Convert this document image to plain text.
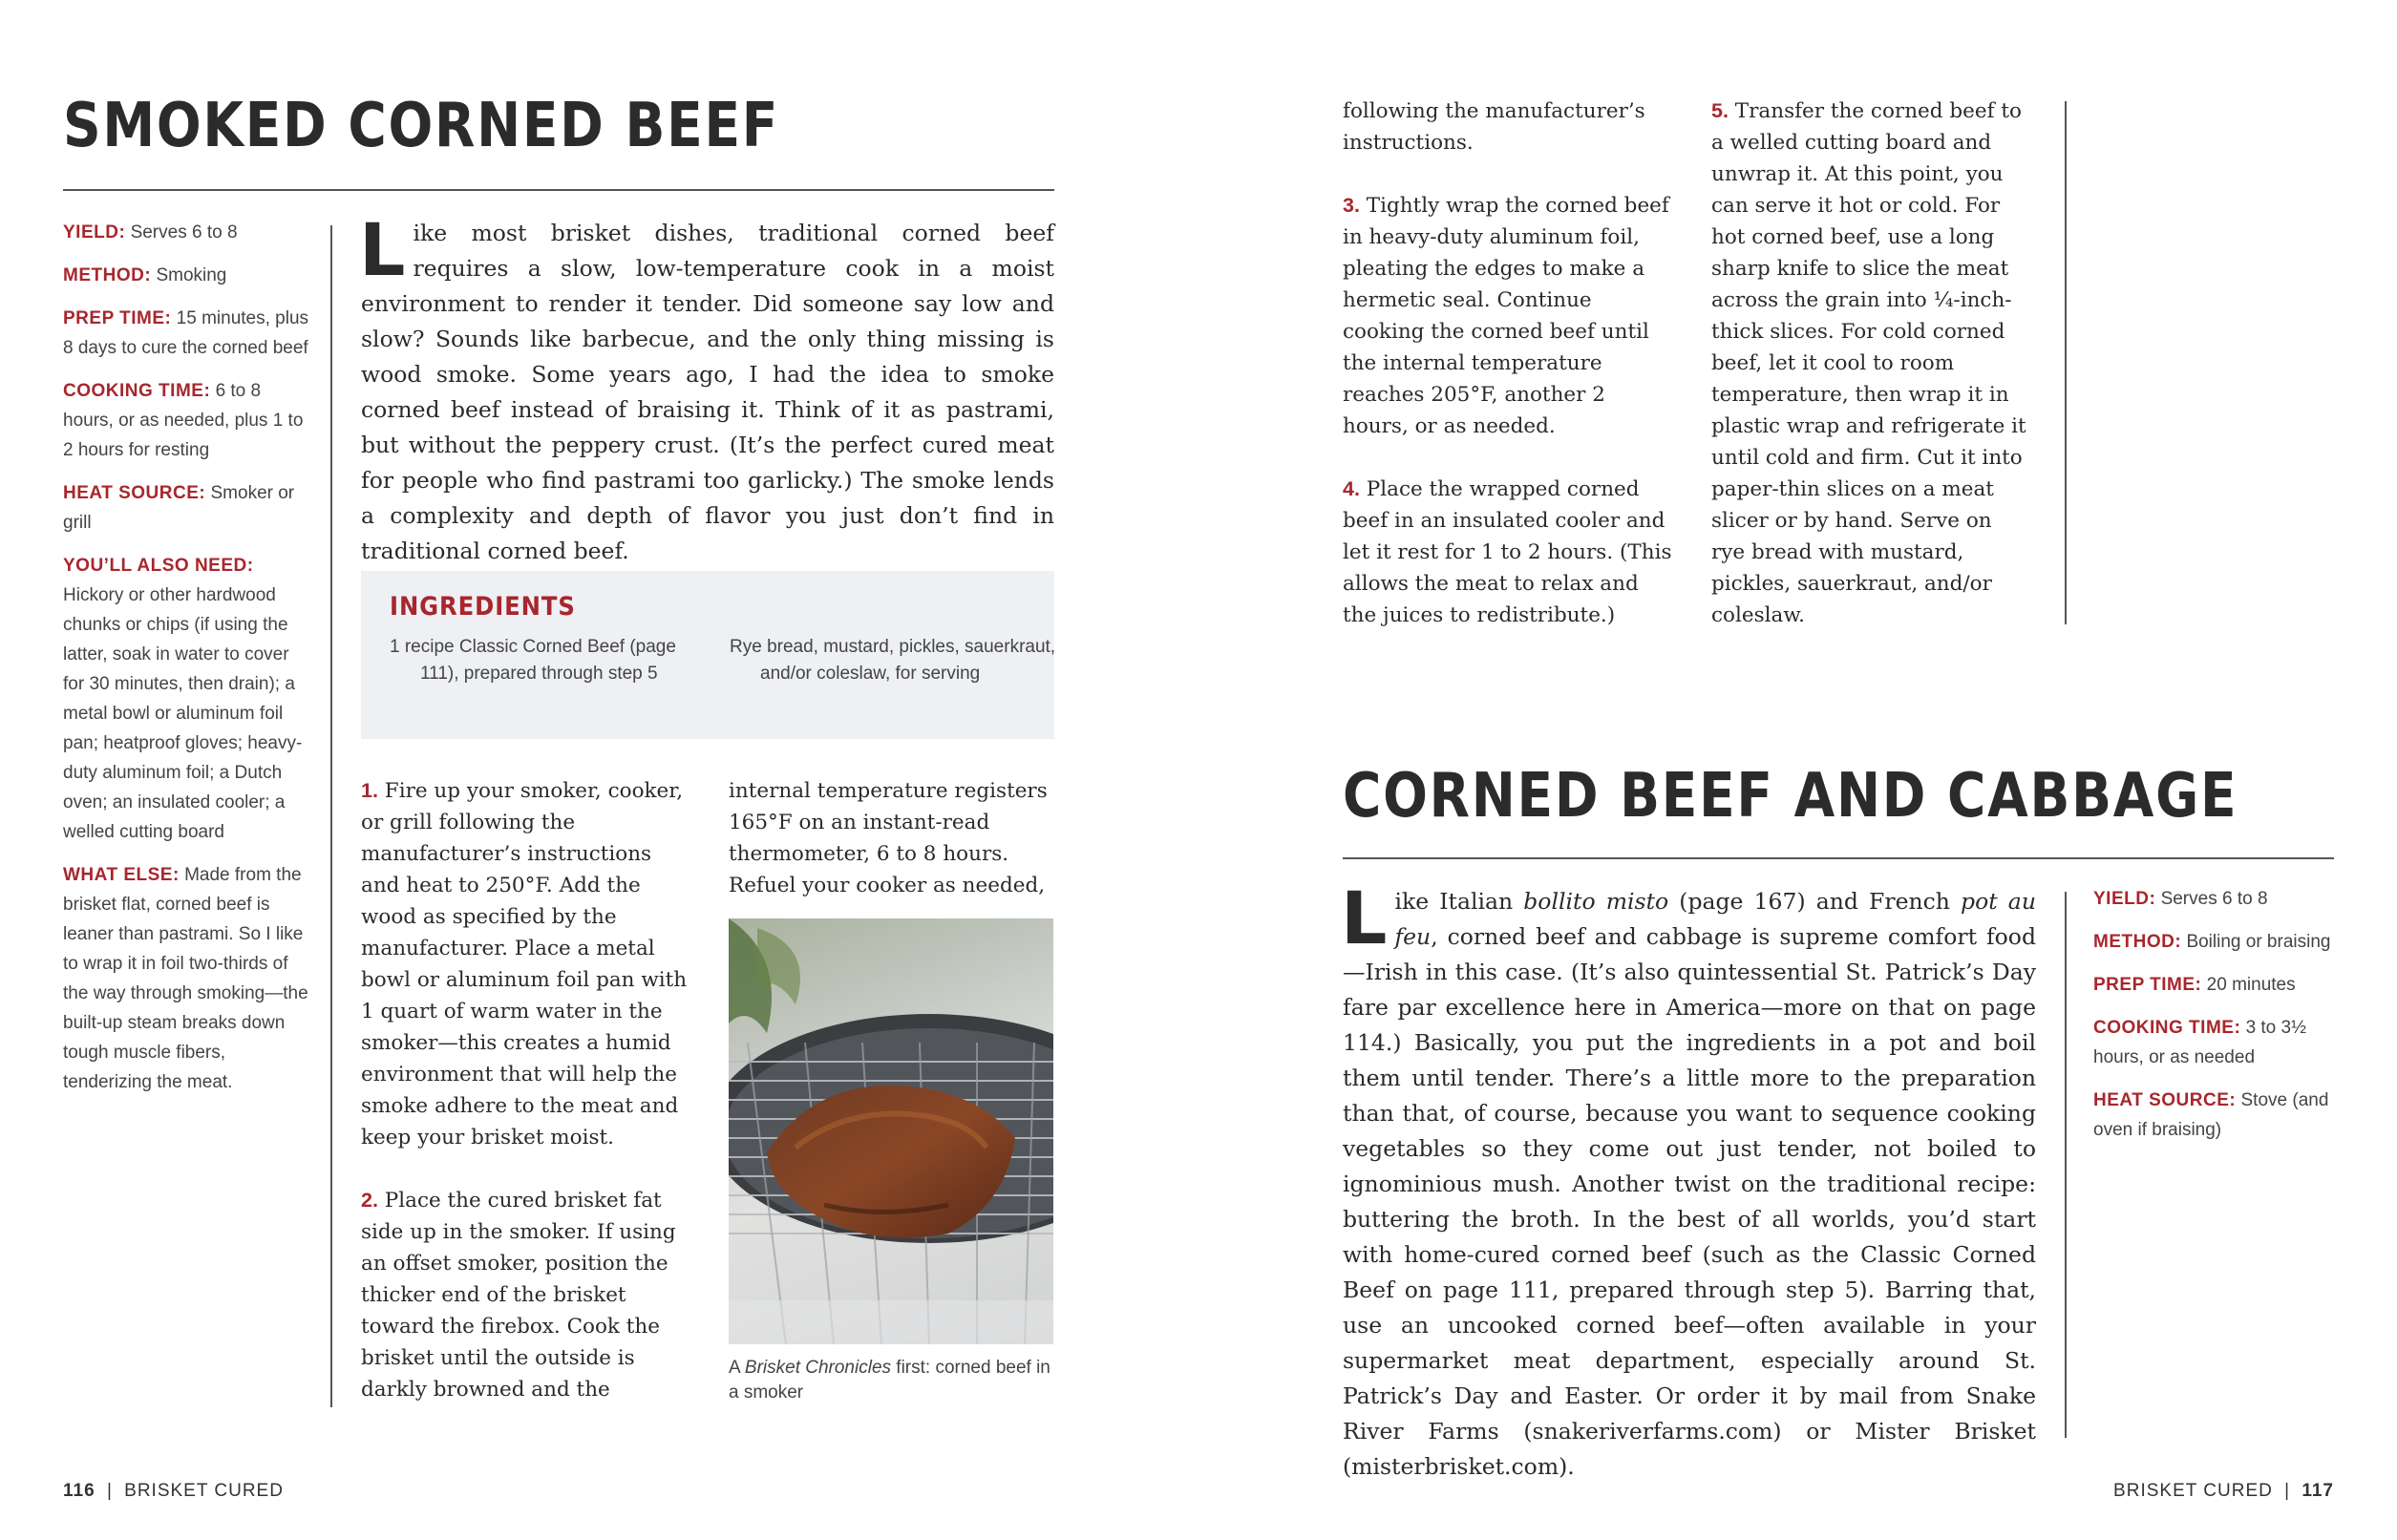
SMOKED CORNED BEEF

YIELD: Serves 6 to 8

METHOD: Smoking

PREP TIME: 15 minutes, plus 8 days to cure the corned beef

COOKING TIME: 6 to 8 hours, or as needed, plus 1 to 2 hours for resting

HEAT SOURCE: Smoker or grill

YOU’LL ALSO NEED: Hickory or other hardwood chunks or chips (if using the latter, soak in water to cover for 30 minutes, then drain); a metal bowl or aluminum foil pan; heatproof gloves; heavy-duty aluminum foil; a Dutch oven; an insulated cooler; a welled cutting board

WHAT ELSE: Made from the brisket flat, corned beef is leaner than pastrami. So I like to wrap it in foil two-thirds of the way through smoking—the built-up steam breaks down tough muscle fibers, tenderizing the meat.

Like most brisket dishes, traditional corned beef requires a slow, low-temperature cook in a moist environment to render it tender. Did someone say low and slow? Sounds like barbecue, and the only thing missing is wood smoke. Some years ago, I had the idea to smoke corned beef instead of braising it. Think of it as pastrami, but without the peppery crust. (It’s the perfect cured meat for people who find pastrami too garlicky.) The smoke lends a complexity and depth of flavor you just don’t find in traditional corned beef.
INGREDIENTS
1 recipe Classic Corned Beef (page 111), prepared through step 5
Rye bread, mustard, pickles, sauerkraut, and/or coleslaw, for serving

1. Fire up your smoker, cooker, or grill following the manufacturer’s instructions and heat to 250°F. Add the wood as specified by the manufacturer. Place a metal bowl or aluminum foil pan with 1 quart of warm water in the smoker—this creates a humid environment that will help the smoke adhere to the meat and keep your brisket moist.

2. Place the cured brisket fat side up in the smoker. If using an offset smoker, position the thicker end of the brisket toward the firebox. Cook the brisket until the outside is darkly browned and the

internal temperature registers 165°F on an instant-read thermometer, 6 to 8 hours. Refuel your cooker as needed,

A Brisket Chronicles first: corned beef in a smoker
116 | BRISKET CURED

following the manufacturer’s instructions.

3. Tightly wrap the corned beef in heavy-duty aluminum foil, pleating the edges to make a hermetic seal. Continue cooking the corned beef until the internal temperature reaches 205°F, another 2 hours, or as needed.

4. Place the wrapped corned beef in an insulated cooler and let it rest for 1 to 2 hours. (This allows the meat to relax and the juices to redistribute.)

5. Transfer the corned beef to a welled cutting board and unwrap it. At this point, you can serve it hot or cold. For hot corned beef, use a long sharp knife to slice the meat across the grain into ¼-inch-thick slices. For cold corned beef, let it cool to room temperature, then wrap it in plastic wrap and refrigerate it until cold and firm. Cut it into paper-thin slices on a meat slicer or by hand. Serve on rye bread with mustard, pickles, sauerkraut, and/or coleslaw.

CORNED BEEF AND CABBAGE
Like Italian bollito misto (page 167) and French pot au feu, corned beef and cabbage is supreme comfort food—Irish in this case. (It’s also quintessential St. Patrick’s Day fare par excellence here in America—more on that on page 114.) Basically, you put the ingredients in a pot and boil them until tender. There’s a little more to the preparation than that, of course, because you want to sequence cooking vegetables so they come out just tender, not boiled to ignominious mush. Another twist on the traditional recipe: buttering the broth. In the best of all worlds, you’d start with home-cured corned beef (such as the Classic Corned Beef on page 111, prepared through step 5). Barring that, use an uncooked corned beef—often available in your supermarket meat department, especially around St. Patrick’s Day and Easter. Or order it by mail from Snake River Farms (snakeriverfarms.com) or Mister Brisket (misterbrisket.com).

YIELD: Serves 6 to 8

METHOD: Boiling or braising

PREP TIME: 20 minutes

COOKING TIME: 3 to 3½ hours, or as needed

HEAT SOURCE: Stove (and oven if braising)

BRISKET CURED | 117
